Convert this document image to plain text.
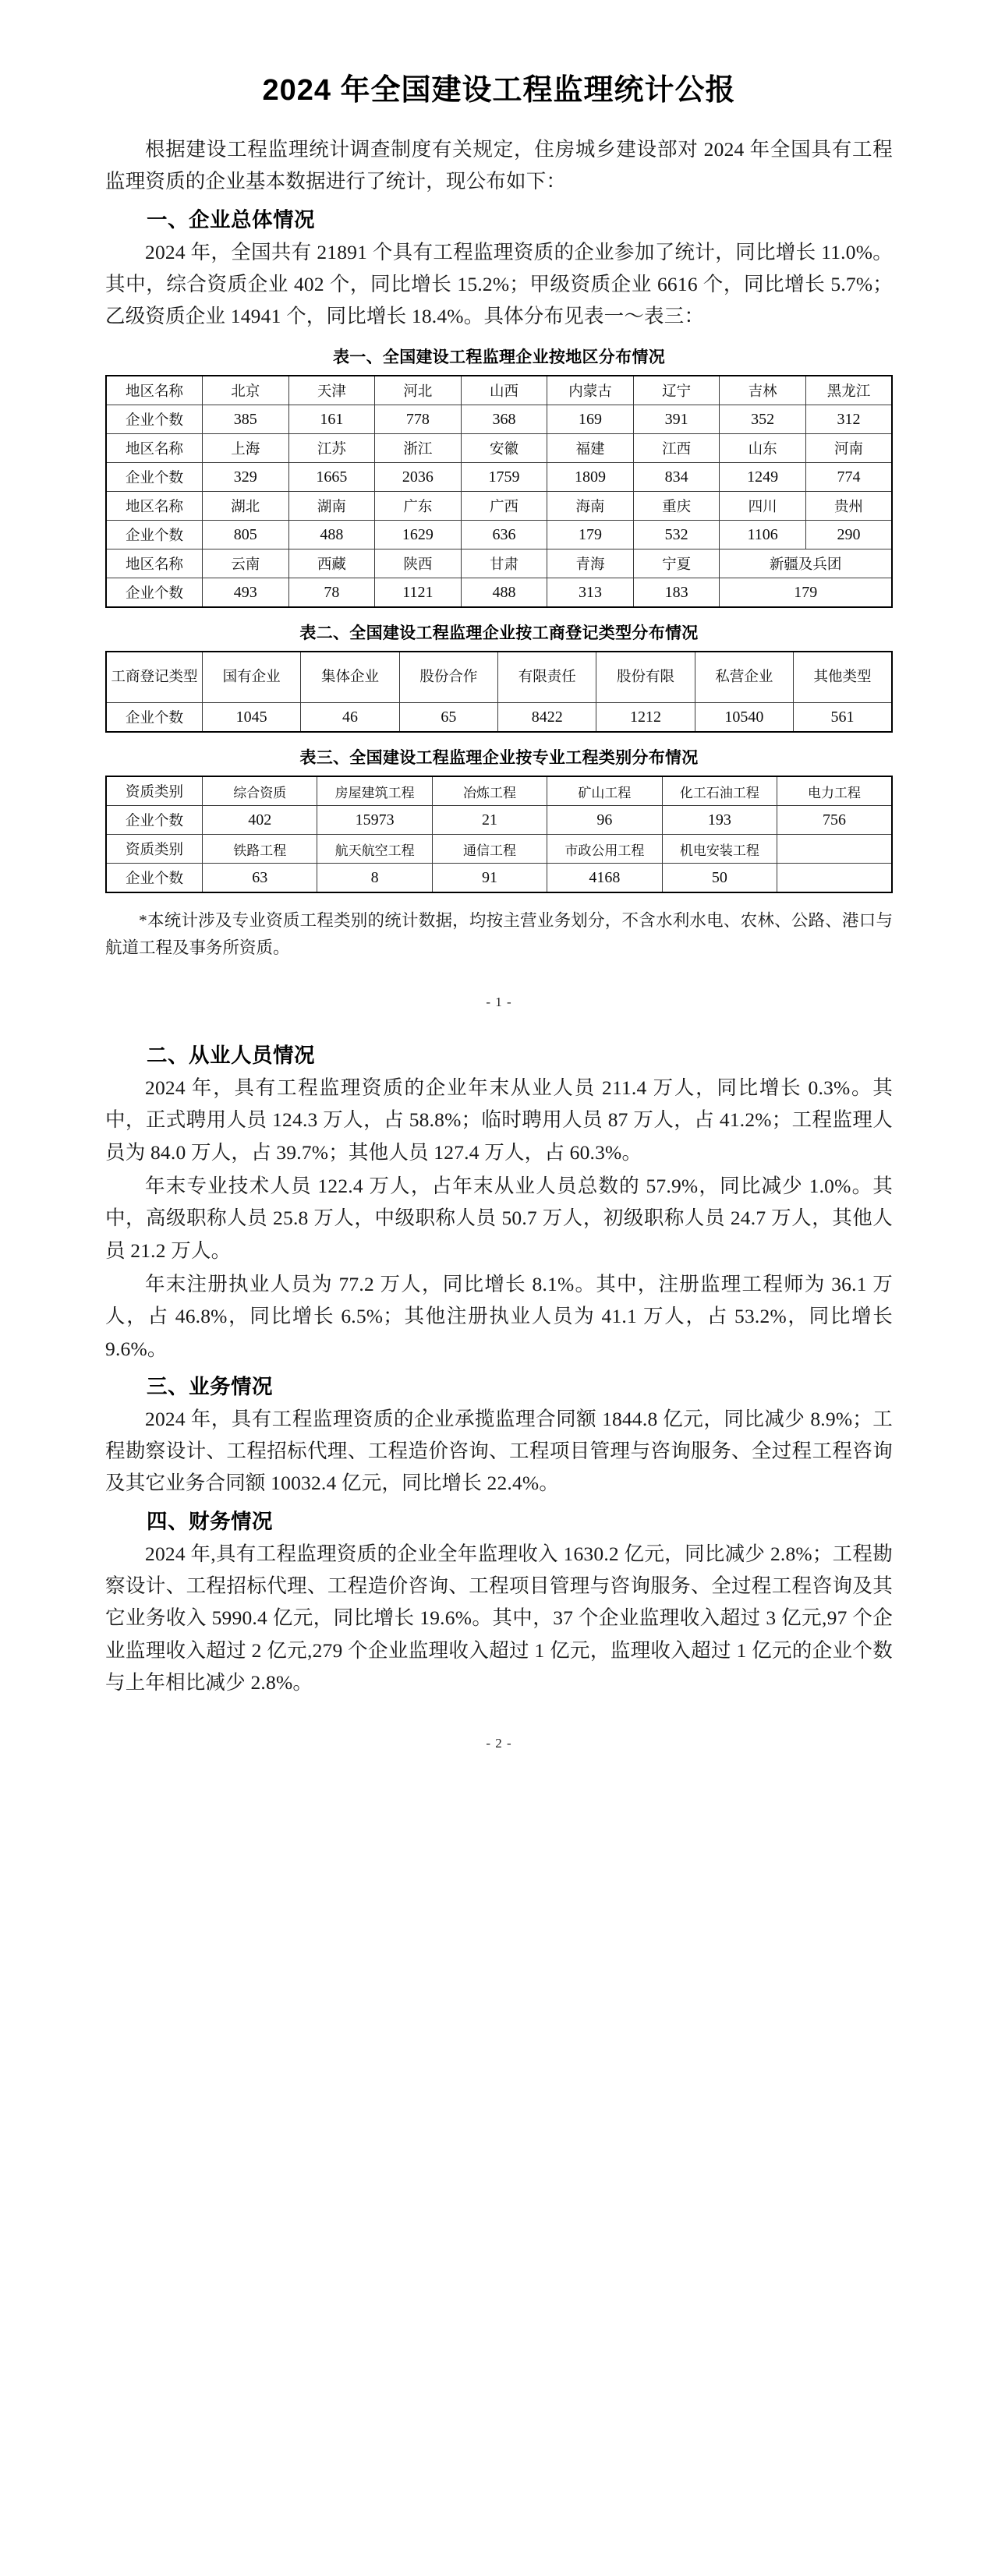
2024 年全国建设工程监理统计公报

根据建设工程监理统计调查制度有关规定，住房城乡建设部对 2024 年全国具有工程监理资质的企业基本数据进行了统计，现公布如下：

一、企业总体情况

2024 年，全国共有 21891 个具有工程监理资质的企业参加了统计，同比增长 11.0%。其中，综合资质企业 402 个，同比增长 15.2%；甲级资质企业 6616 个，同比增长 5.7%；乙级资质企业 14941 个，同比增长 18.4%。具体分布见表一～表三：

表一、全国建设工程监理企业按地区分布情况
地区名称	北京	天津	河北	山西	内蒙古	辽宁	吉林	黑龙江
企业个数	385	161	778	368	169	391	352	312
地区名称	上海	江苏	浙江	安徽	福建	江西	山东	河南
企业个数	329	1665	2036	1759	1809	834	1249	774
地区名称	湖北	湖南	广东	广西	海南	重庆	四川	贵州
企业个数	805	488	1629	636	179	532	1106	290
地区名称	云南	西藏	陕西	甘肃	青海	宁夏	新疆及兵团	
企业个数	493	78	1121	488	313	183	179	
表二、全国建设工程监理企业按工商登记类型分布情况
工商登记类型	国有企业	集体企业	股份合作	有限责任	股份有限	私营企业	其他类型
企业个数	1045	46	65	8422	1212	10540	561
表三、全国建设工程监理企业按专业工程类别分布情况
资质类别	综合资质	房屋建筑工程	冶炼工程	矿山工程	化工石油工程	电力工程
企业个数	402	15973	21	96	193	756
资质类别	铁路工程	航天航空工程	通信工程	市政公用工程	机电安装工程	
企业个数	63	8	91	4168	50	

*本统计涉及专业资质工程类别的统计数据，均按主营业务划分，不含水利水电、农林、公路、港口与航道工程及事务所资质。

- 1 -
二、从业人员情况

2024 年，具有工程监理资质的企业年末从业人员 211.4 万人，同比增长 0.3%。其中，正式聘用人员 124.3 万人，占 58.8%；临时聘用人员 87 万人，占 41.2%；工程监理人员为 84.0 万人，占 39.7%；其他人员 127.4 万人，占 60.3%。

年末专业技术人员 122.4 万人，占年末从业人员总数的 57.9%，同比减少 1.0%。其中，高级职称人员 25.8 万人，中级职称人员 50.7 万人，初级职称人员 24.7 万人，其他人员 21.2 万人。

年末注册执业人员为 77.2 万人，同比增长 8.1%。其中，注册监理工程师为 36.1 万人，占 46.8%，同比增长 6.5%；其他注册执业人员为 41.1 万人，占 53.2%，同比增长 9.6%。

三、业务情况

2024 年，具有工程监理资质的企业承揽监理合同额 1844.8 亿元，同比减少 8.9%；工程勘察设计、工程招标代理、工程造价咨询、工程项目管理与咨询服务、全过程工程咨询及其它业务合同额 10032.4 亿元，同比增长 22.4%。

四、财务情况

2024 年,具有工程监理资质的企业全年监理收入 1630.2 亿元，同比减少 2.8%；工程勘察设计、工程招标代理、工程造价咨询、工程项目管理与咨询服务、全过程工程咨询及其它业务收入 5990.4 亿元，同比增长 19.6%。其中，37 个企业监理收入超过 3 亿元,97 个企业监理收入超过 2 亿元,279 个企业监理收入超过 1 亿元，监理收入超过 1 亿元的企业个数与上年相比减少 2.8%。

- 2 -
